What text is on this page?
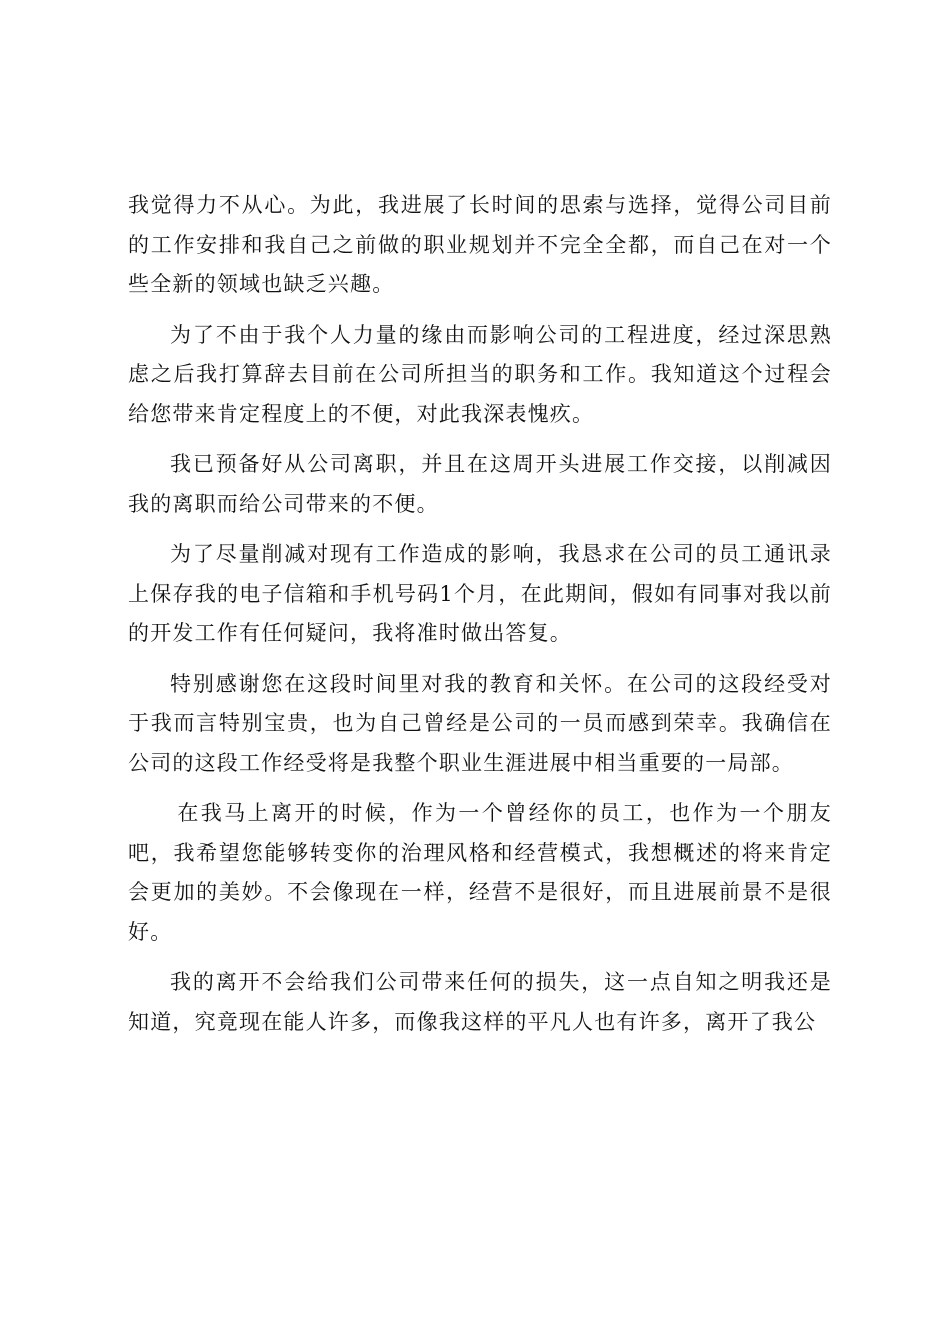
我觉得力不从心。为此，我进展了长时间的思索与选择，觉得公司目前的工作安排和我自己之前做的职业规划并不完全全都，而自己在对一个些全新的领域也缺乏兴趣。

为了不由于我个人力量的缘由而影响公司的工程进度，经过深思熟虑之后我打算辞去目前在公司所担当的职务和工作。我知道这个过程会给您带来肯定程度上的不便，对此我深表愧疚。

我已预备好从公司离职，并且在这周开头进展工作交接，以削减因我的离职而给公司带来的不便。

为了尽量削减对现有工作造成的影响，我恳求在公司的员工通讯录上保存我的电子信箱和手机号码1个月，在此期间，假如有同事对我以前的开发工作有任何疑问，我将准时做出答复。

特别感谢您在这段时间里对我的教育和关怀。在公司的这段经受对于我而言特别宝贵，也为自己曾经是公司的一员而感到荣幸。我确信在公司的这段工作经受将是我整个职业生涯进展中相当重要的一局部。

在我马上离开的时候，作为一个曾经你的员工，也作为一个朋友吧，我希望您能够转变你的治理风格和经营模式，我想概述的将来肯定会更加的美妙。不会像现在一样，经营不是很好，而且进展前景不是很好。

我的离开不会给我们公司带来任何的损失，这一点自知之明我还是知道，究竟现在能人许多，而像我这样的平凡人也有许多，离开了我公
